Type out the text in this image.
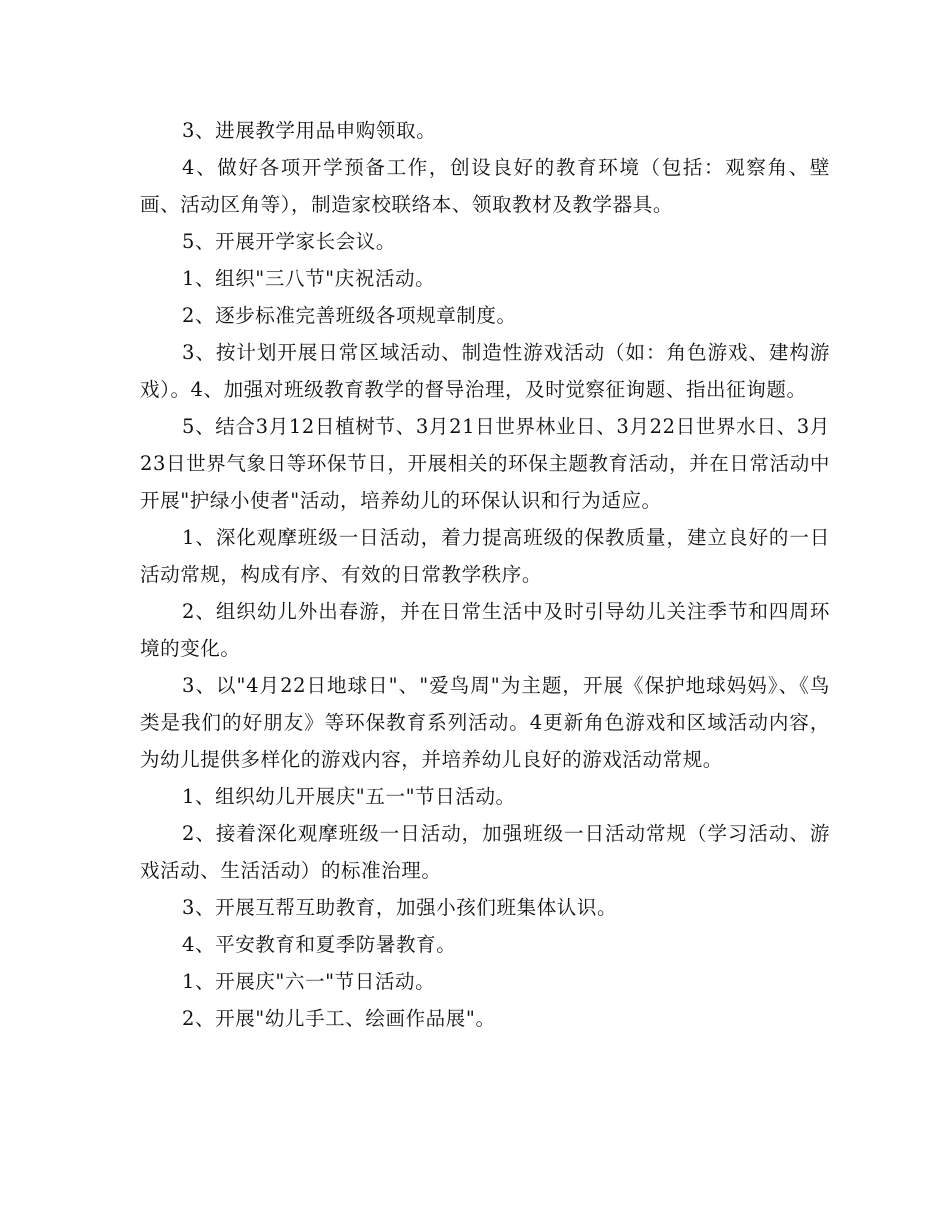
3、进展教学用品申购领取。

4、做好各项开学预备工作，创设良好的教育环境（包括：观察角、壁画、活动区角等），制造家校联络本、领取教材及教学器具。

5、开展开学家长会议。

1、组织"三八节"庆祝活动。

2、逐步标准完善班级各项规章制度。

3、按计划开展日常区域活动、制造性游戏活动（如：角色游戏、建构游戏）。4、加强对班级教育教学的督导治理，及时觉察征询题、指出征询题。

5、结合3月12日植树节、3月21日世界林业日、3月22日世界水日、3月23日世界气象日等环保节日，开展相关的环保主题教育活动，并在日常活动中开展"护绿小使者"活动，培养幼儿的环保认识和行为适应。

1、深化观摩班级一日活动，着力提高班级的保教质量，建立良好的一日活动常规，构成有序、有效的日常教学秩序。

2、组织幼儿外出春游，并在日常生活中及时引导幼儿关注季节和四周环境的变化。

3、以"4月22日地球日"、"爱鸟周"为主题，开展《保护地球妈妈》、《鸟类是我们的好朋友》等环保教育系列活动。4更新角色游戏和区域活动内容，为幼儿提供多样化的游戏内容，并培养幼儿良好的游戏活动常规。

1、组织幼儿开展庆"五一"节日活动。

2、接着深化观摩班级一日活动，加强班级一日活动常规（学习活动、游戏活动、生活活动）的标准治理。

3、开展互帮互助教育，加强小孩们班集体认识。

4、平安教育和夏季防暑教育。

1、开展庆"六一"节日活动。

2、开展"幼儿手工、绘画作品展"。
